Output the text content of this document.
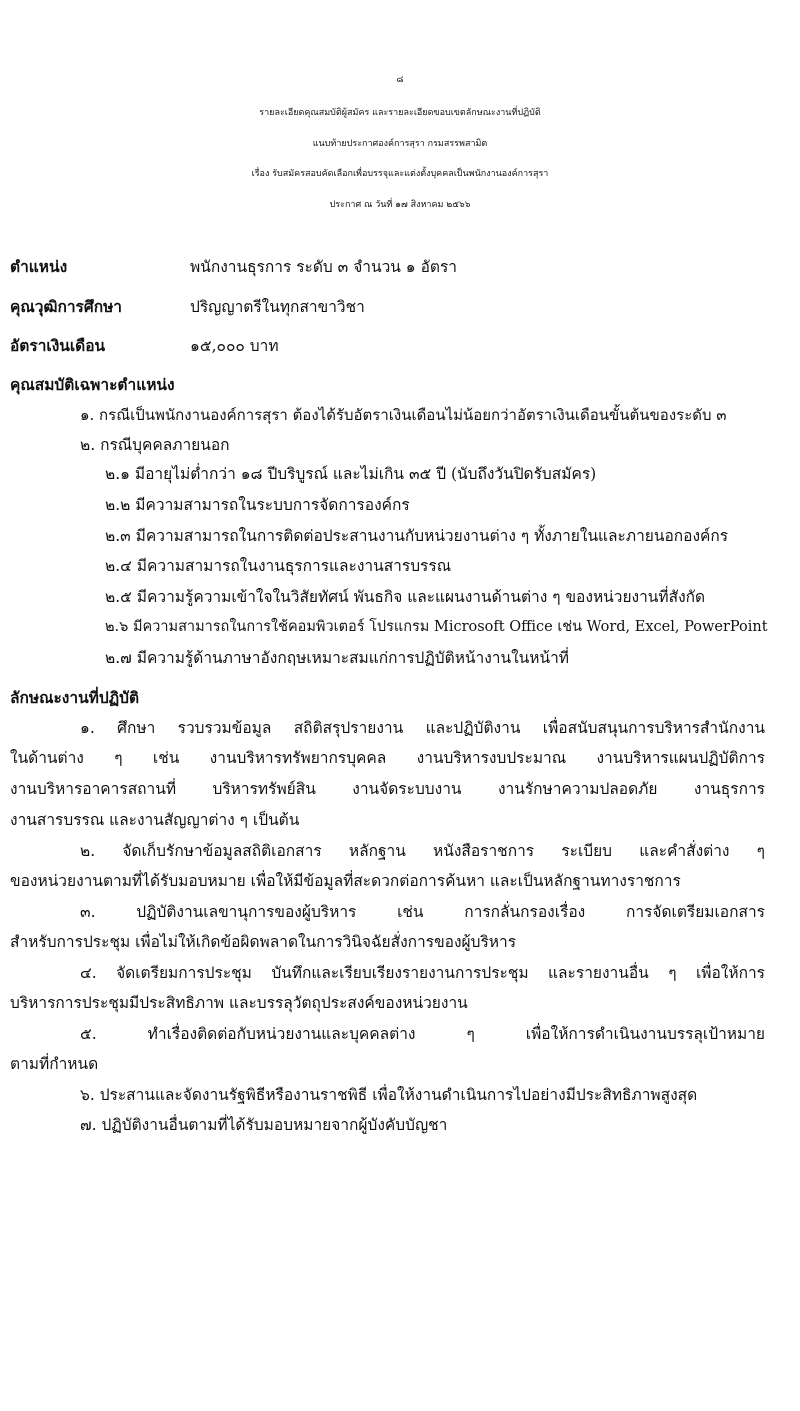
๘
รายละเอียดคุณสมบัติผู้สมัคร และรายละเอียดขอบเขตลักษณะงานที่ปฏิบัติ
แนบท้ายประกาศองค์การสุรา กรมสรรพสามิต
เรื่อง รับสมัครสอบคัดเลือกเพื่อบรรจุและแต่งตั้งบุคคลเป็นพนักงานองค์การสุรา
ประกาศ ณ วันที่ ๑๗ สิงหาคม ๒๕๖๖
ตำแหน่ง	พนักงานธุรการ ระดับ ๓ จำนวน ๑ อัตรา
คุณวุฒิการศึกษา	ปริญญาตรีในทุกสาขาวิชา
อัตราเงินเดือน	๑๕,๐๐๐ บาท
คุณสมบัติเฉพาะตำแหน่ง
๑. กรณีเป็นพนักงานองค์การสุรา ต้องได้รับอัตราเงินเดือนไม่น้อยกว่าอัตราเงินเดือนขั้นต้นของระดับ ๓
๒. กรณีบุคคลภายนอก
๒.๑ มีอายุไม่ต่ำกว่า ๑๘ ปีบริบูรณ์ และไม่เกิน ๓๕ ปี (นับถึงวันปิดรับสมัคร)
๒.๒ มีความสามารถในระบบการจัดการองค์กร
๒.๓ มีความสามารถในการติดต่อประสานงานกับหน่วยงานต่าง ๆ ทั้งภายในและภายนอกองค์กร
๒.๔ มีความสามารถในงานธุรการและงานสารบรรณ
๒.๕ มีความรู้ความเข้าใจในวิสัยทัศน์ พันธกิจ และแผนงานด้านต่าง ๆ ของหน่วยงานที่สังกัด
๒.๖ มีความสามารถในการใช้คอมพิวเตอร์ โปรแกรม Microsoft Office เช่น Word, Excel, PowerPoint
๒.๗ มีความรู้ด้านภาษาอังกฤษเหมาะสมแก่การปฏิบัติหน้างานในหน้าที่
ลักษณะงานที่ปฏิบัติ
๑. ศึกษา รวบรวมข้อมูล สถิติสรุปรายงาน และปฏิบัติงาน เพื่อสนับสนุนการบริหารสำนักงาน
ในด้านต่าง ๆ เช่น งานบริหารทรัพยากรบุคคล งานบริหารงบประมาณ งานบริหารแผนปฏิบัติการ
งานบริหารอาคารสถานที่ บริหารทรัพย์สิน งานจัดระบบงาน งานรักษาความปลอดภัย งานธุรการ
งานสารบรรณ และงานสัญญาต่าง ๆ เป็นต้น
๒. จัดเก็บรักษาข้อมูลสถิติเอกสาร หลักฐาน หนังสือราชการ ระเบียบ และคำสั่งต่าง ๆ
ของหน่วยงานตามที่ได้รับมอบหมาย เพื่อให้มีข้อมูลที่สะดวกต่อการค้นหา และเป็นหลักฐานทางราชการ
๓. ปฏิบัติงานเลขานุการของผู้บริหาร เช่น การกลั่นกรองเรื่อง การจัดเตรียมเอกสาร
สำหรับการประชุม เพื่อไม่ให้เกิดข้อผิดพลาดในการวินิจฉัยสั่งการของผู้บริหาร
๔. จัดเตรียมการประชุม บันทึกและเรียบเรียงรายงานการประชุม และรายงานอื่น ๆ เพื่อให้การ
บริหารการประชุมมีประสิทธิภาพ และบรรลุวัตถุประสงค์ของหน่วยงาน
๕. ทำเรื่องติดต่อกับหน่วยงานและบุคคลต่าง ๆ เพื่อให้การดำเนินงานบรรลุเป้าหมาย
ตามที่กำหนด
๖. ประสานและจัดงานรัฐพิธีหรืองานราชพิธี เพื่อให้งานดำเนินการไปอย่างมีประสิทธิภาพสูงสุด
๗. ปฏิบัติงานอื่นตามที่ได้รับมอบหมายจากผู้บังคับบัญชา
